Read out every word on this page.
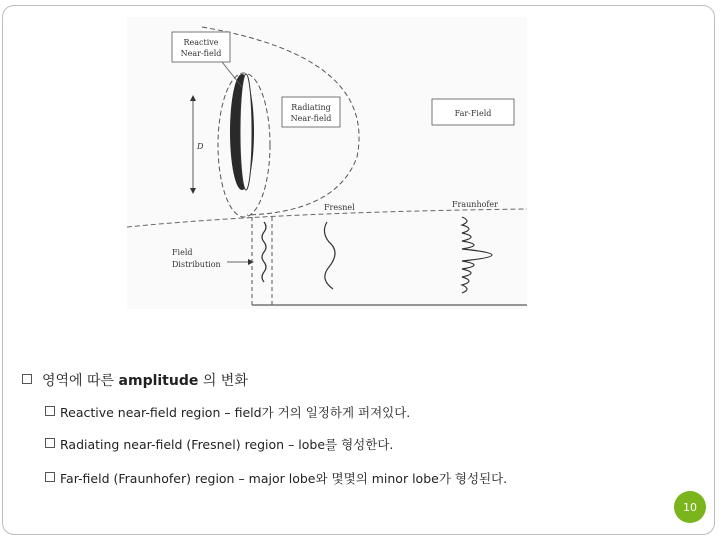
Reactive
Near-field
Radiating
Near-field
Far-Field
D
Fresnel	Fraunhofer
Field
Distribution
영역에 따른 amplitude 의 변화
Reactive near-field region – field가 거의 일정하게 퍼져있다.
Radiating near-field (Fresnel) region – lobe를 형성한다.
Far-field (Fraunhofer) region – major lobe와 몇몇의 minor lobe가 형성된다.
10
